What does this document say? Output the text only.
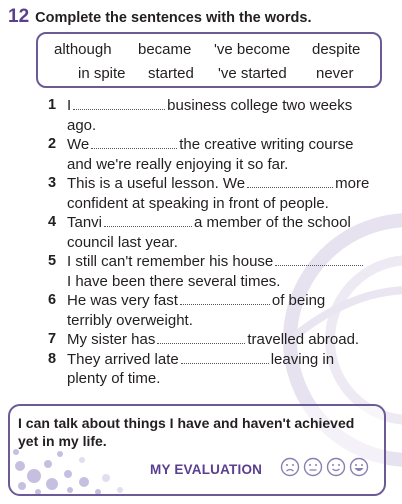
12 Complete the sentences with the words.
although became 've become despite
in spite started 've started never
1 I	business college two weeks
ago.
2 We	the creative writing course
and we're really enjoying it so far.
3 This is a useful lesson. We	more
confident at speaking in front of people.
4 Tanvi	a member of the school
council last year.
5 I still can't remember his house
I have been there several times.
6 He was very fast	of being
terribly overweight.
7 My sister has	travelled abroad.
8 They arrived late	leaving in
plenty of time.
I can talk about things I have and haven't achieved yet in my life.
MY EVALUATION
